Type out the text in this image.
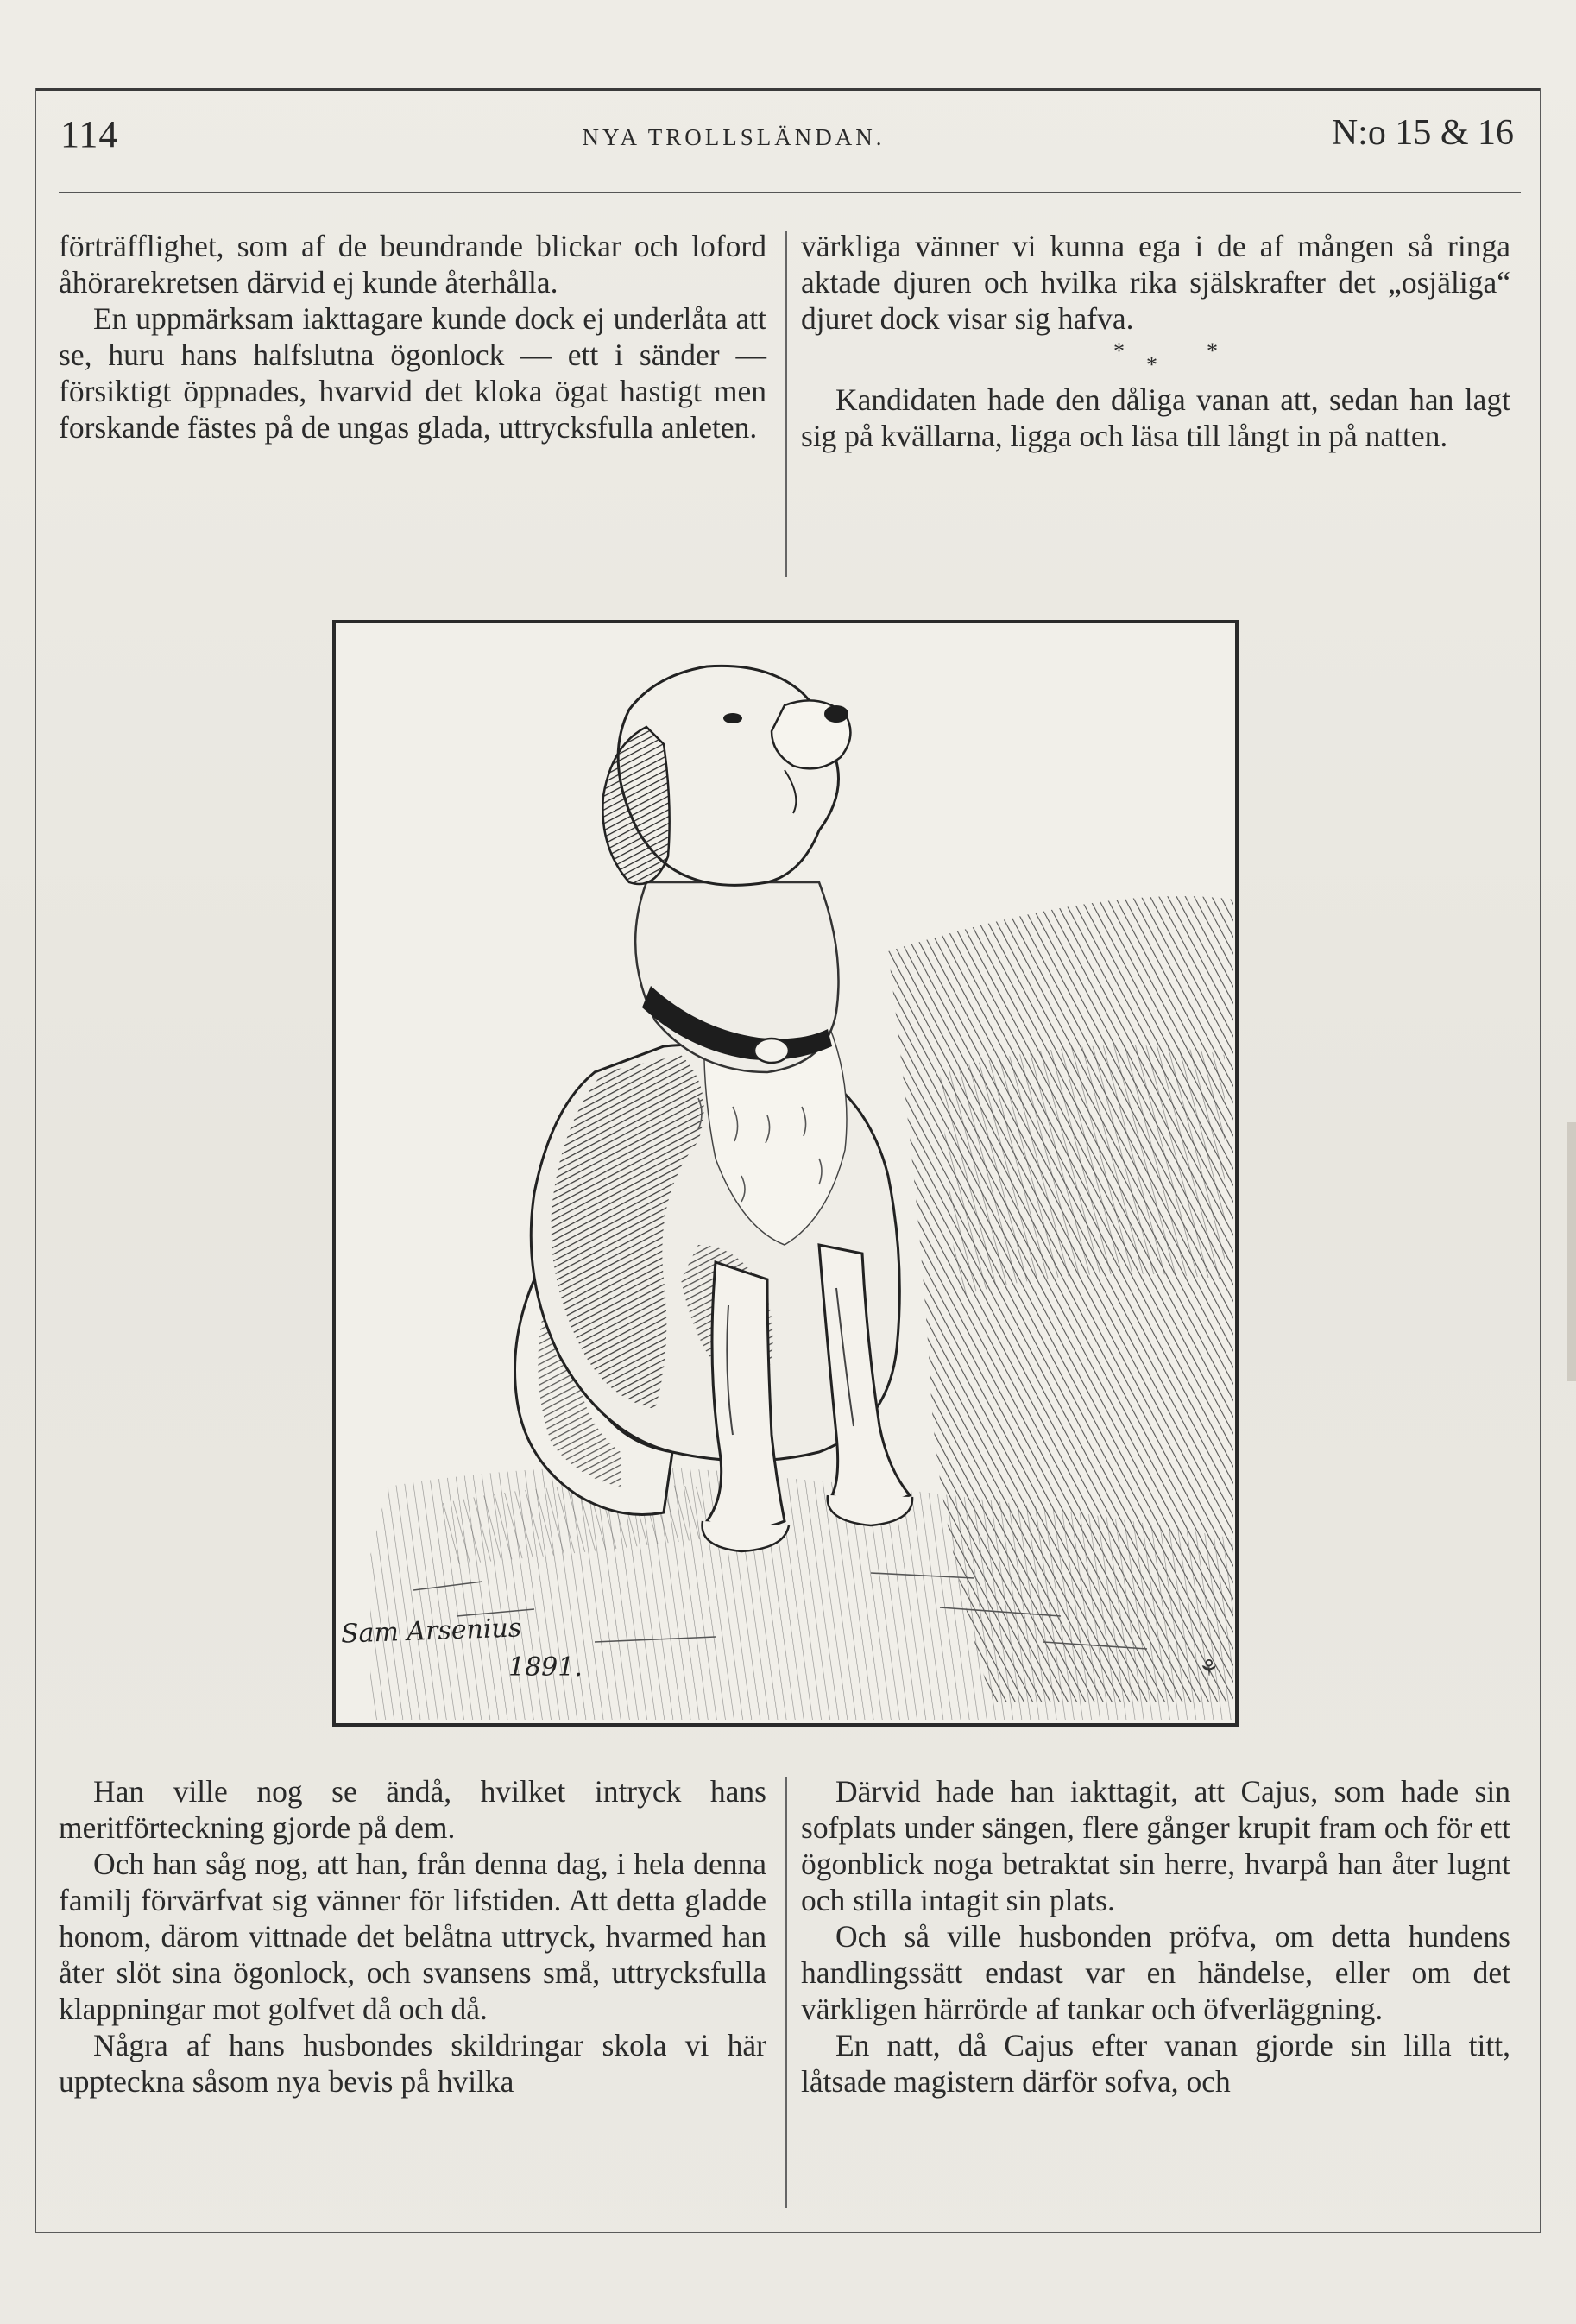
114	NYA TROLLSLÄNDAN.	N:o 15 & 16

förträfflighet, som af de beundrande blickar och loford åhörarekretsen därvid ej kunde återhålla.

En uppmärksam iakttagare kunde dock ej underlåta att se, huru hans halfslutna ögonlock — ett i sänder — försiktigt öppnades, hvarvid det kloka ögat hastigt men forskande fästes på de ungas glada, uttrycksfulla anleten.

värkliga vänner vi kunna ega i de af mången så ringa aktade djuren och hvilka rika själskrafter det „osjäliga“ djuret dock visar sig hafva.

*
*
*

Kandidaten hade den dåliga vanan att, sedan han lagt sig på kvällarna, ligga och läsa till långt in på natten.

Sam Arsenius
1891.	⚘

Han ville nog se ändå, hvilket intryck hans meritförteckning gjorde på dem.

Och han såg nog, att han, från denna dag, i hela denna familj förvärfvat sig vänner för lifstiden. Att detta gladde honom, därom vittnade det belåtna uttryck, hvarmed han åter slöt sina ögonlock, och svansens små, uttrycksfulla klappningar mot golfvet då och då.

Några af hans husbondes skildringar skola vi här uppteckna såsom nya bevis på hvilka

Därvid hade han iakttagit, att Cajus, som hade sin sofplats under sängen, flere gånger krupit fram och för ett ögonblick noga betraktat sin herre, hvarpå han åter lugnt och stilla intagit sin plats.

Och så ville husbonden pröfva, om detta hundens handlingssätt endast var en händelse, eller om det värkligen härrörde af tankar och öfverläggning.

En natt, då Cajus efter vanan gjorde sin lilla titt, låtsade magistern därför sofva, och
